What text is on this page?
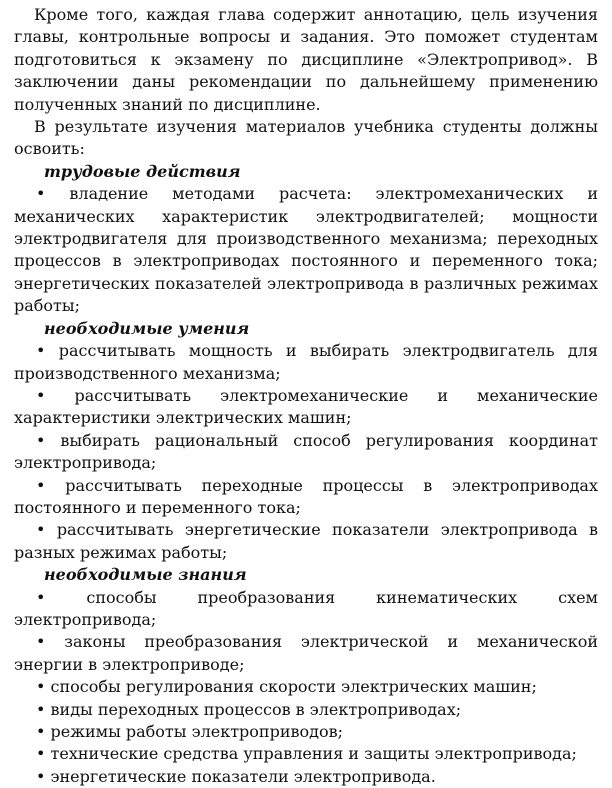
Кроме того, каждая глава содержит аннотацию, цель изучения главы, контрольные вопросы и задания. Это поможет студентам подготовиться к экзамену по дисциплине «Электропривод». В заключении даны рекомендации по дальнейшему применению полученных знаний по дисциплине.

В результате изучения материалов учебника студенты должны освоить:

трудовые действия

• владение методами расчета: электромеханических и механических характеристик электродвигателей; мощности электродвигателя для производственного механизма; переходных процессов в электроприводах постоянного и переменного тока; энергетических показателей электропривода в различных режимах работы;

необходимые умения

• рассчитывать мощность и выбирать электродвигатель для производственного механизма;

• рассчитывать электромеханические и механические характеристики электрических машин;

• выбирать рациональный способ регулирования координат электропривода;

• рассчитывать переходные процессы в электроприводах постоянного и переменного тока;

• рассчитывать энергетические показатели электропривода в разных режимах работы;

необходимые знания

• способы преобразования кинематических схем электропривода;

• законы преобразования электрической и механической энергии в электроприводе;

• способы регулирования скорости электрических машин;

• виды переходных процессов в электроприводах;

• режимы работы электроприводов;

• технические средства управления и защиты электропривода;

• энергетические показатели электропривода.
